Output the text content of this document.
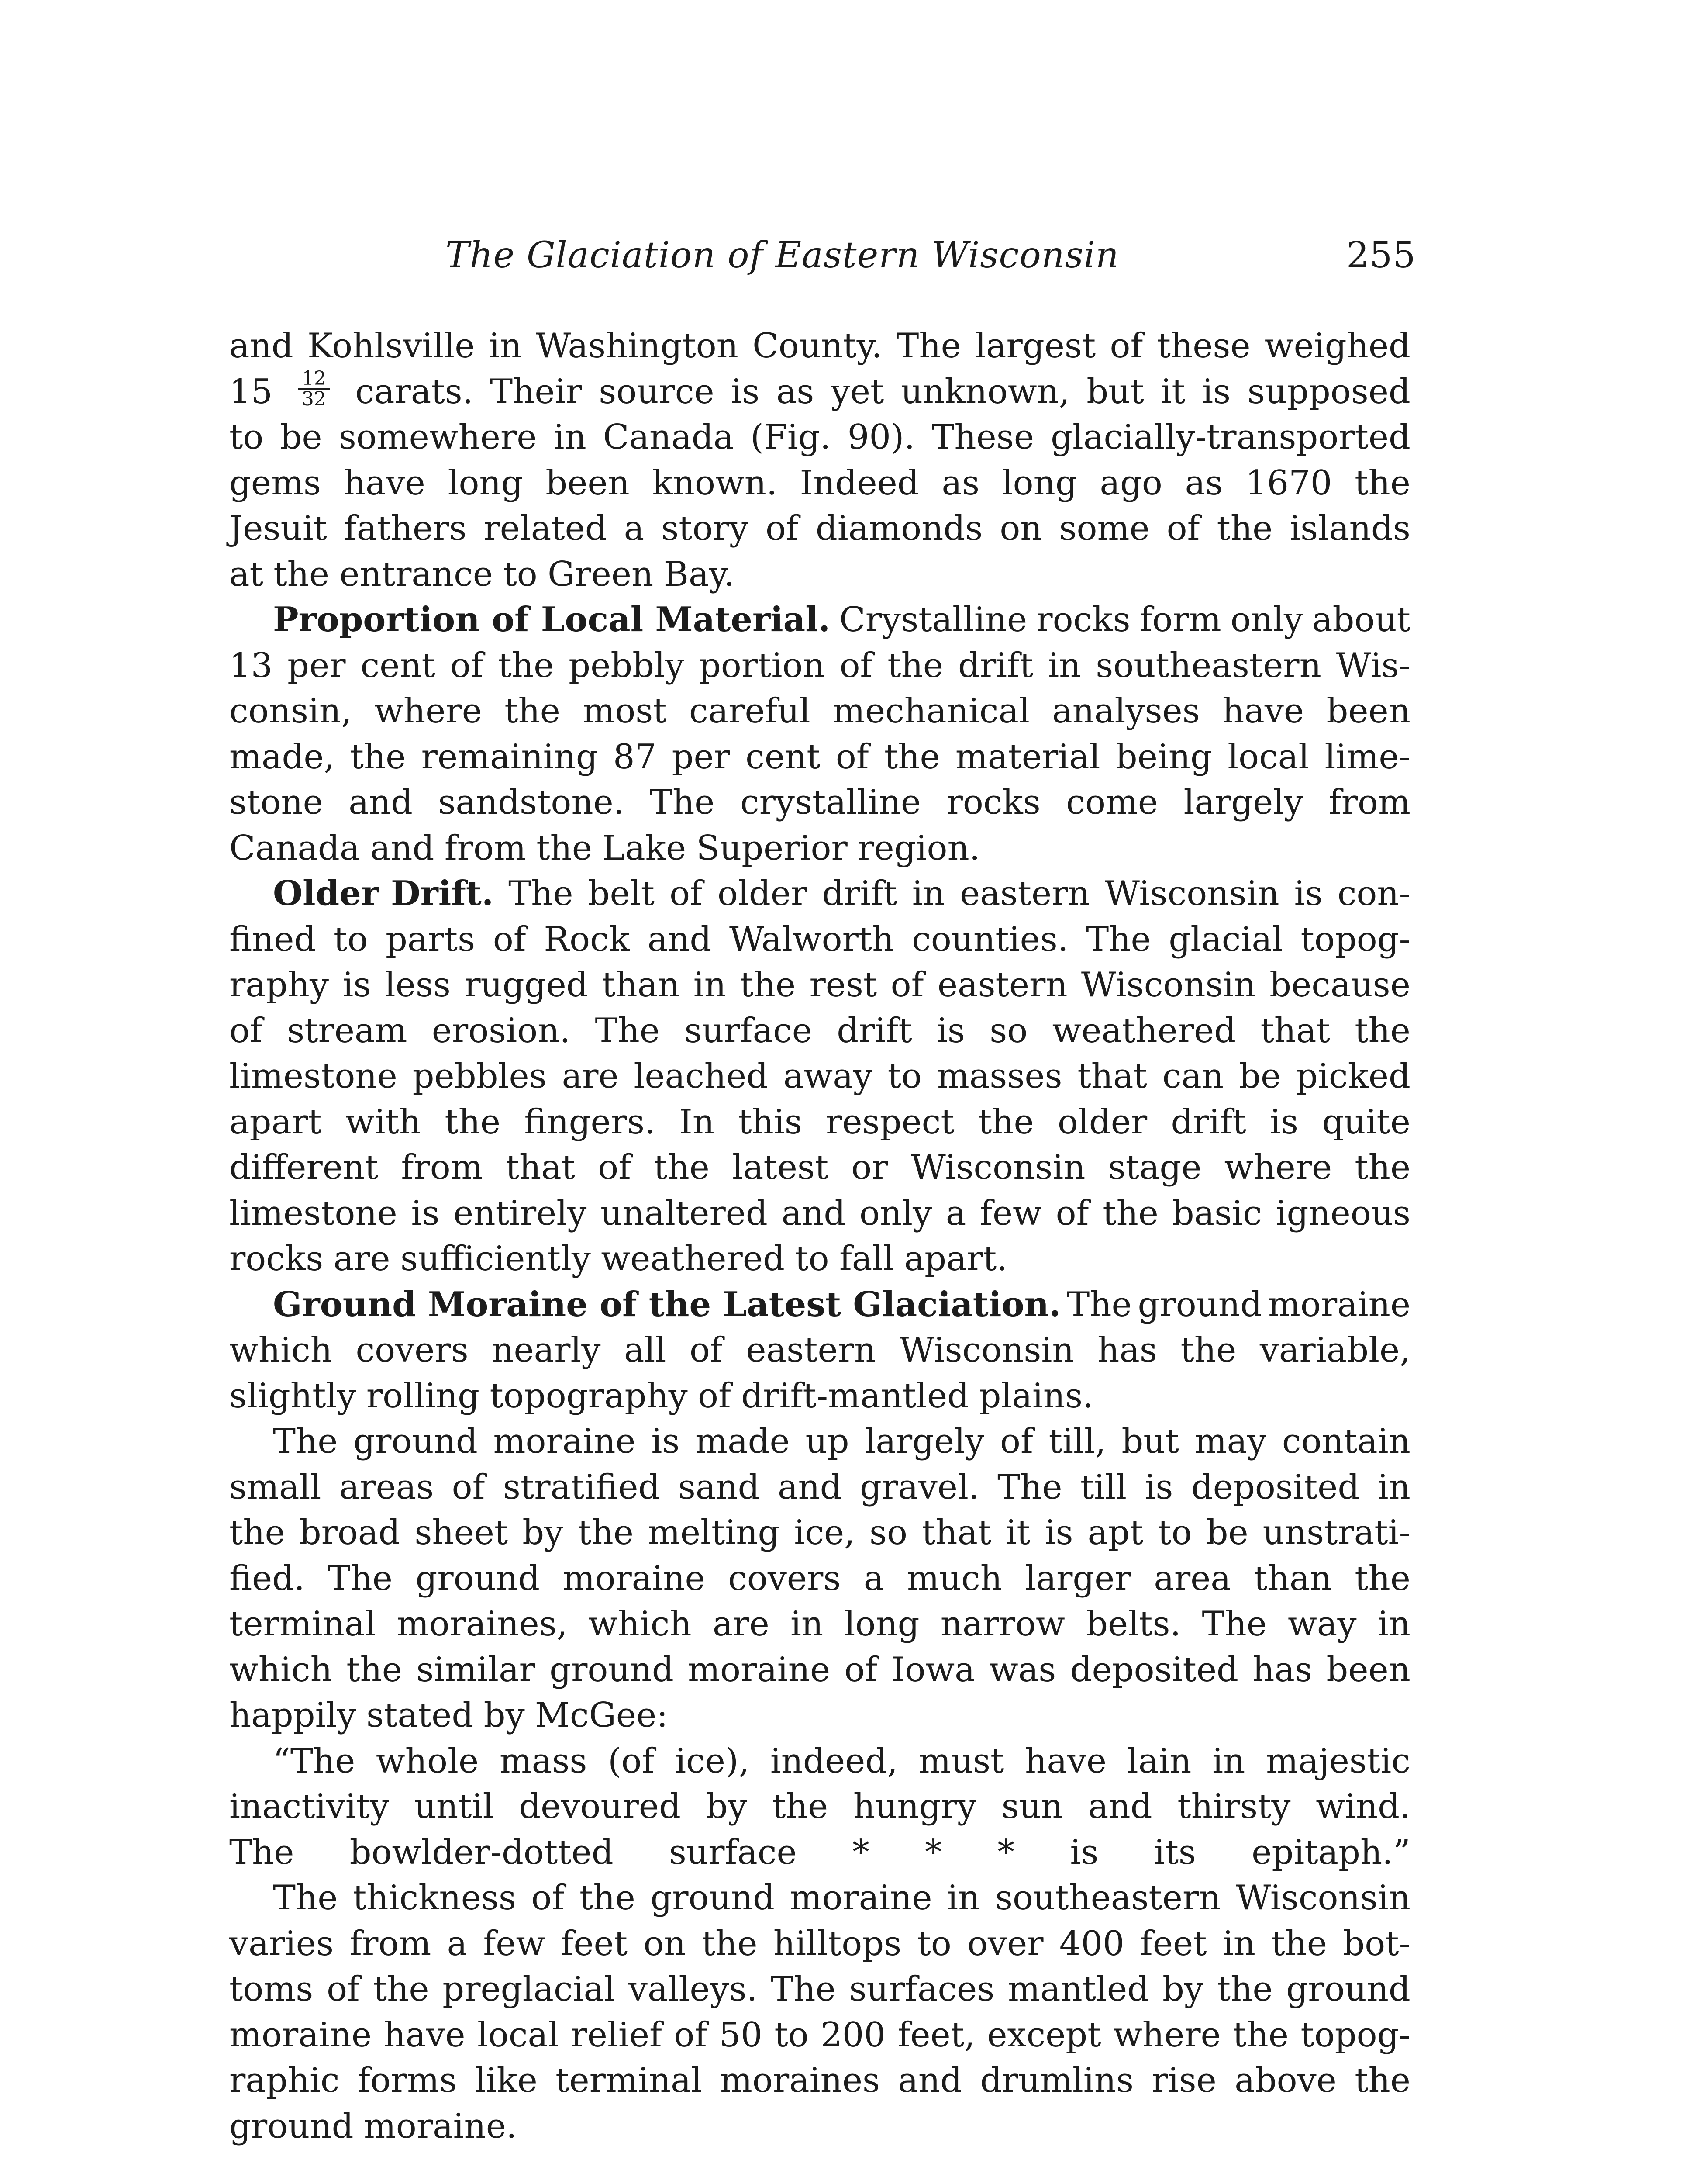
The Glaciation of Eastern Wisconsin	255
and Kohlsville in Washington County. The largest of these weighed
$15 \frac{12}{32}$ carats. Their source is as yet unknown, but it is supposed
to be somewhere in Canada (Fig. 90). These glacially-transported
gems have long been known. Indeed as long ago as 1670 the
Jesuit fathers related a story of diamonds on some of the islands
at the entrance to Green Bay.
Proportion of Local Material. Crystalline rocks form only about
13 per cent of the pebbly portion of the drift in southeastern Wis-
consin, where the most careful mechanical analyses have been
made, the remaining 87 per cent of the material being local lime-
stone and sandstone. The crystalline rocks come largely from
Canada and from the Lake Superior region.
Older Drift. The belt of older drift in eastern Wisconsin is con-
fined to parts of Rock and Walworth counties. The glacial topog-
raphy is less rugged than in the rest of eastern Wisconsin because
of stream erosion. The surface drift is so weathered that the
limestone pebbles are leached away to masses that can be picked
apart with the fingers. In this respect the older drift is quite
different from that of the latest or Wisconsin stage where the
limestone is entirely unaltered and only a few of the basic igneous
rocks are sufficiently weathered to fall apart.
Ground Moraine of the Latest Glaciation. The ground moraine
which covers nearly all of eastern Wisconsin has the variable,
slightly rolling topography of drift-mantled plains.
The ground moraine is made up largely of till, but may contain
small areas of stratified sand and gravel. The till is deposited in
the broad sheet by the melting ice, so that it is apt to be unstrati-
fied. The ground moraine covers a much larger area than the
terminal moraines, which are in long narrow belts. The way in
which the similar ground moraine of Iowa was deposited has been
happily stated by McGee:
“The whole mass (of ice), indeed, must have lain in majestic
inactivity until devoured by the hungry sun and thirsty wind.
The bowlder-dotted surface * * * is its epitaph.”
The thickness of the ground moraine in southeastern Wisconsin
varies from a few feet on the hilltops to over 400 feet in the bot-
toms of the preglacial valleys. The surfaces mantled by the ground
moraine have local relief of 50 to 200 feet, except where the topog-
raphic forms like terminal moraines and drumlins rise above the
ground moraine.
